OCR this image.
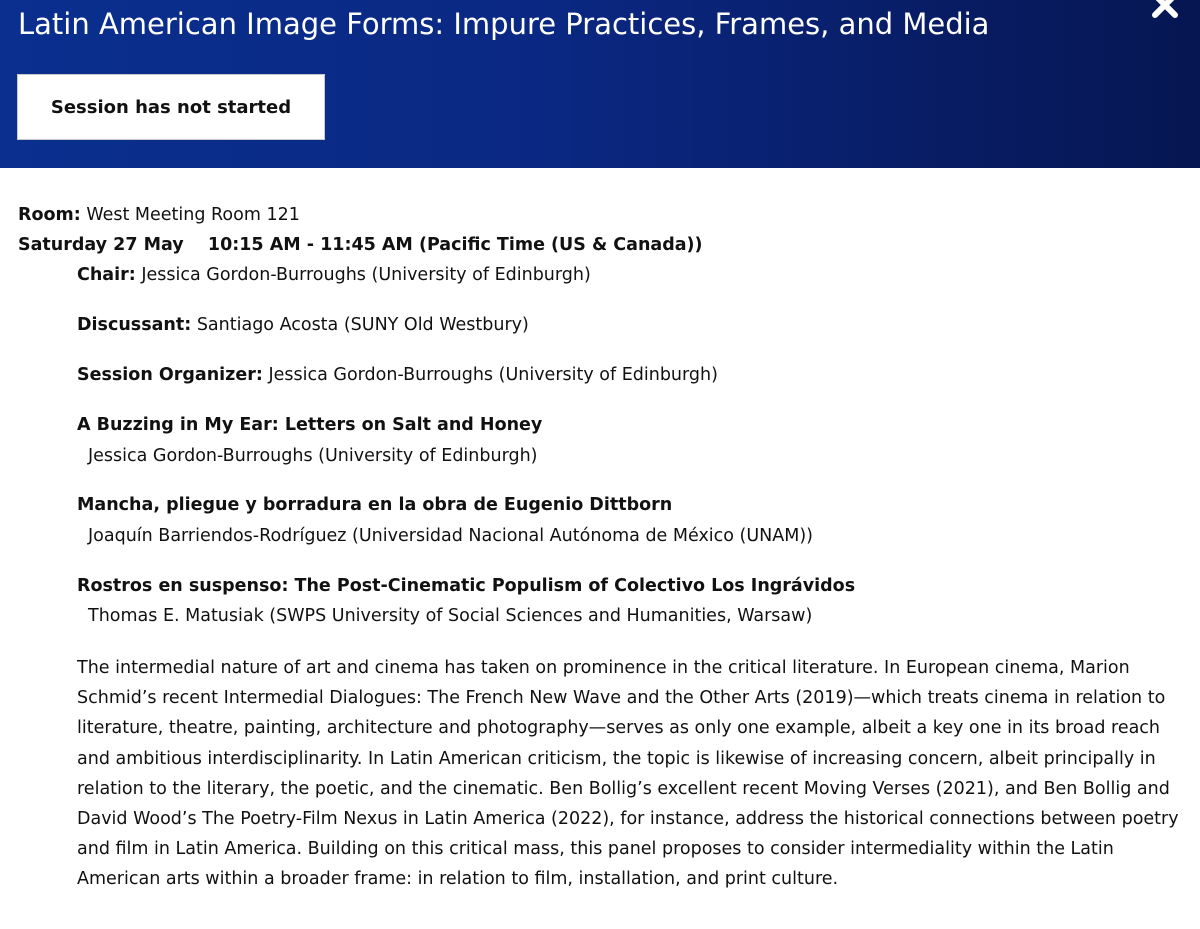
Latin American Image Forms: Impure Practices, Frames, and Media
Session has not started
Room: West Meeting Room 121
Saturday 27 May 10:15 AM - 11:45 AM (Pacific Time (US & Canada))
Chair: Jessica Gordon-Burroughs (University of Edinburgh)
Discussant: Santiago Acosta (SUNY Old Westbury)
Session Organizer: Jessica Gordon-Burroughs (University of Edinburgh)
A Buzzing in My Ear: Letters on Salt and Honey
Jessica Gordon-Burroughs (University of Edinburgh)
Mancha, pliegue y borradura en la obra de Eugenio Dittborn
Joaquín Barriendos-Rodríguez (Universidad Nacional Autónoma de México (UNAM))
Rostros en suspenso: The Post-Cinematic Populism of Colectivo Los Ingrávidos
Thomas E. Matusiak (SWPS University of Social Sciences and Humanities, Warsaw)

The intermedial nature of art and cinema has taken on prominence in the critical literature. In European cinema, Marion Schmid’s recent Intermedial Dialogues: The French New Wave and the Other Arts (2019)—which treats cinema in relation to literature, theatre, painting, architecture and photography—serves as only one example, albeit a key one in its broad reach and ambitious interdisciplinarity. In Latin American criticism, the topic is likewise of increasing concern, albeit principally in relation to the literary, the poetic, and the cinematic. Ben Bollig’s excellent recent Moving Verses (2021), and Ben Bollig and David Wood’s The Poetry-Film Nexus in Latin America (2022), for instance, address the historical connections between poetry and film in Latin America. Building on this critical mass, this panel proposes to consider intermediality within the Latin American arts within a broader frame: in relation to film, installation, and print culture.
